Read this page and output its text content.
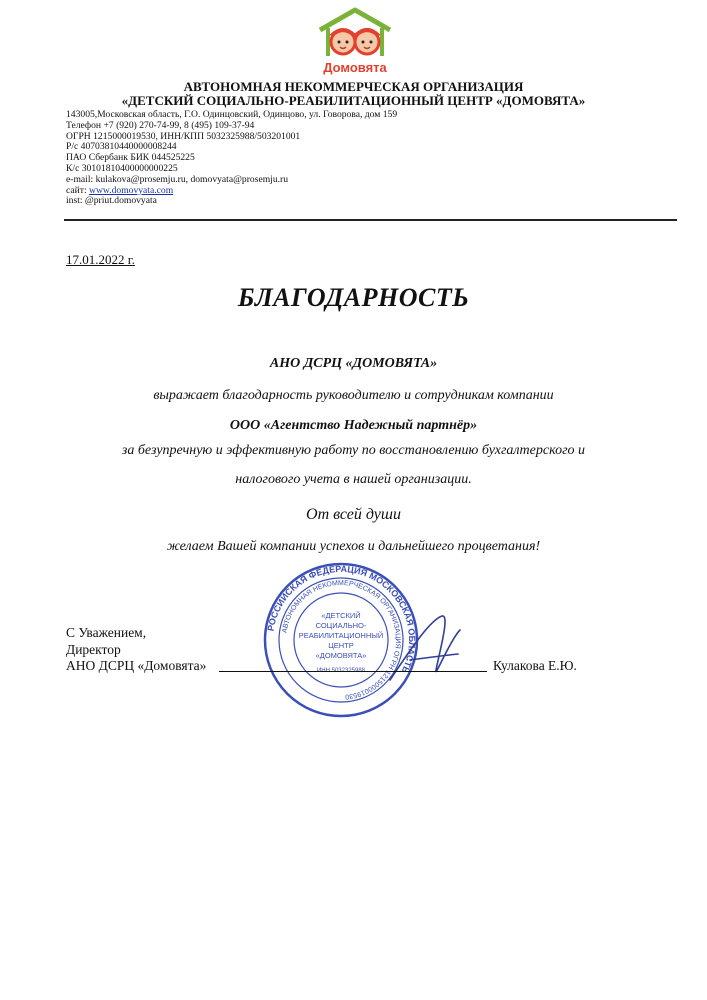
Домовята
АВТОНОМНАЯ НЕКОММЕРЧЕСКАЯ ОРГАНИЗАЦИЯ
«ДЕТСКИЙ СОЦИАЛЬНО-РЕАБИЛИТАЦИОННЫЙ ЦЕНТР «ДОМОВЯТА»
143005,Московская область, Г.О. Одинцовский, Одинцово, ул. Говорова, дом 159
Телефон +7 (920) 270-74-99, 8 (495) 109-37-94
ОГРН 1215000019530, ИНН/КПП 5032325988/503201001
Р/с 40703810440000008244
ПАО Сбербанк БИК 044525225
К/с 30101810400000000225
e-mail: kulakova@prosemju.ru, domovyata@prosemju.ru
сайт: www.domovyata.com
inst: @priut.domovyata
17.01.2022 г.
БЛАГОДАРНОСТЬ
АНО ДСРЦ «ДОМОВЯТА»
выражает благодарность руководителю и сотрудникам компании
ООО «Агентство Надежный партнёр»
за безупречную и эффективную работу по восстановлению бухгалтерского и
налогового учета в нашей организации.
От всей души
желаем Вашей компании успехов и дальнейшего процветания!
РОССИЙСКАЯ ФЕДЕРАЦИЯ МОСКОВСКАЯ ОБЛАСТЬ
АВТОНОМНАЯ НЕКОММЕРЧЕСКАЯ ОРГАНИЗАЦИЯ ОГРН 1215000019530
«ДЕТСКИЙ
СОЦИАЛЬНО-
РЕАБИЛИТАЦИОННЫЙ
ЦЕНТР
«ДОМОВЯТА»
ИНН 5032325988
С Уважением,
Директор
АНО ДСРЦ «Домовята»	Кулакова Е.Ю.
